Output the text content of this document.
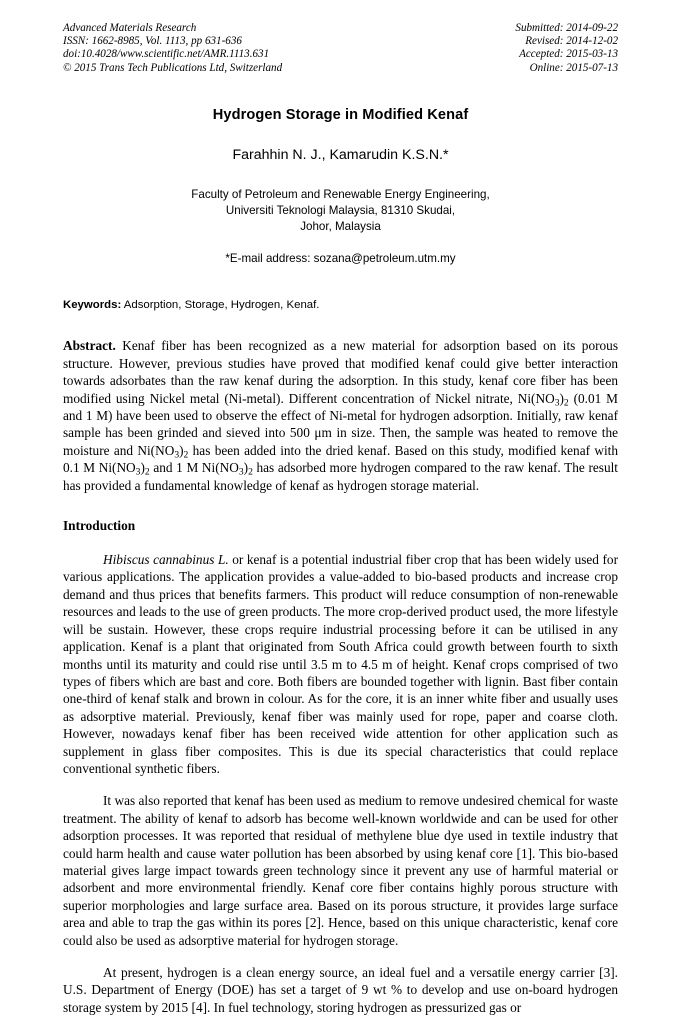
Advanced Materials Research
ISSN: 1662-8985, Vol. 1113, pp 631-636
doi:10.4028/www.scientific.net/AMR.1113.631
© 2015 Trans Tech Publications Ltd, Switzerland
Submitted: 2014-09-22
Revised: 2014-12-02
Accepted: 2015-03-13
Online: 2015-07-13
Hydrogen Storage in Modified Kenaf
Farahhin N. J., Kamarudin K.S.N.*
Faculty of Petroleum and Renewable Energy Engineering,
Universiti Teknologi Malaysia, 81310 Skudai,
Johor, Malaysia
*E-mail address: sozana@petroleum.utm.my

Keywords: Adsorption, Storage, Hydrogen, Kenaf.

Abstract. Kenaf fiber has been recognized as a new material for adsorption based on its porous structure. However, previous studies have proved that modified kenaf could give better interaction towards adsorbates than the raw kenaf during the adsorption. In this study, kenaf core fiber has been modified using Nickel metal (Ni-metal). Different concentration of Nickel nitrate, $Ni(NO_3)_2$ (0.01 M and 1 M) have been used to observe the effect of Ni-metal for hydrogen adsorption. Initially, raw kenaf sample has been grinded and sieved into 500 μm in size. Then, the sample was heated to remove the moisture and $Ni(NO_3)_2$ has been added into the dried kenaf. Based on this study, modified kenaf with 0.1 M $Ni(NO_3)_2$ and 1 M $Ni(NO_3)_2$ has adsorbed more hydrogen compared to the raw kenaf. The result has provided a fundamental knowledge of kenaf as hydrogen storage material.

Introduction

Hibiscus cannabinus L. or kenaf is a potential industrial fiber crop that has been widely used for various applications. The application provides a value-added to bio-based products and increase crop demand and thus prices that benefits farmers. This product will reduce consumption of non-renewable resources and leads to the use of green products. The more crop-derived product used, the more lifestyle will be sustain. However, these crops require industrial processing before it can be utilised in any application. Kenaf is a plant that originated from South Africa could growth between fourth to sixth months until its maturity and could rise until 3.5 m to 4.5 m of height. Kenaf crops comprised of two types of fibers which are bast and core. Both fibers are bounded together with lignin. Bast fiber contain one-third of kenaf stalk and brown in colour. As for the core, it is an inner white fiber and usually uses as adsorptive material. Previously, kenaf fiber was mainly used for rope, paper and coarse cloth. However, nowadays kenaf fiber has been received wide attention for other application such as supplement in glass fiber composites. This is due its special characteristics that could replace conventional synthetic fibers.

It was also reported that kenaf has been used as medium to remove undesired chemical for waste treatment. The ability of kenaf to adsorb has become well-known worldwide and can be used for other adsorption processes. It was reported that residual of methylene blue dye used in textile industry that could harm health and cause water pollution has been absorbed by using kenaf core [1]. This bio-based material gives large impact towards green technology since it prevent any use of harmful material or adsorbent and more environmental friendly. Kenaf core fiber contains highly porous structure with superior morphologies and large surface area. Based on its porous structure, it provides large surface area and able to trap the gas within its pores [2]. Hence, based on this unique characteristic, kenaf core could also be used as adsorptive material for hydrogen storage.

At present, hydrogen is a clean energy source, an ideal fuel and a versatile energy carrier [3]. U.S. Department of Energy (DOE) has set a target of 9 wt % to develop and use on-board hydrogen storage system by 2015 [4]. In fuel technology, storing hydrogen as pressurized gas or
